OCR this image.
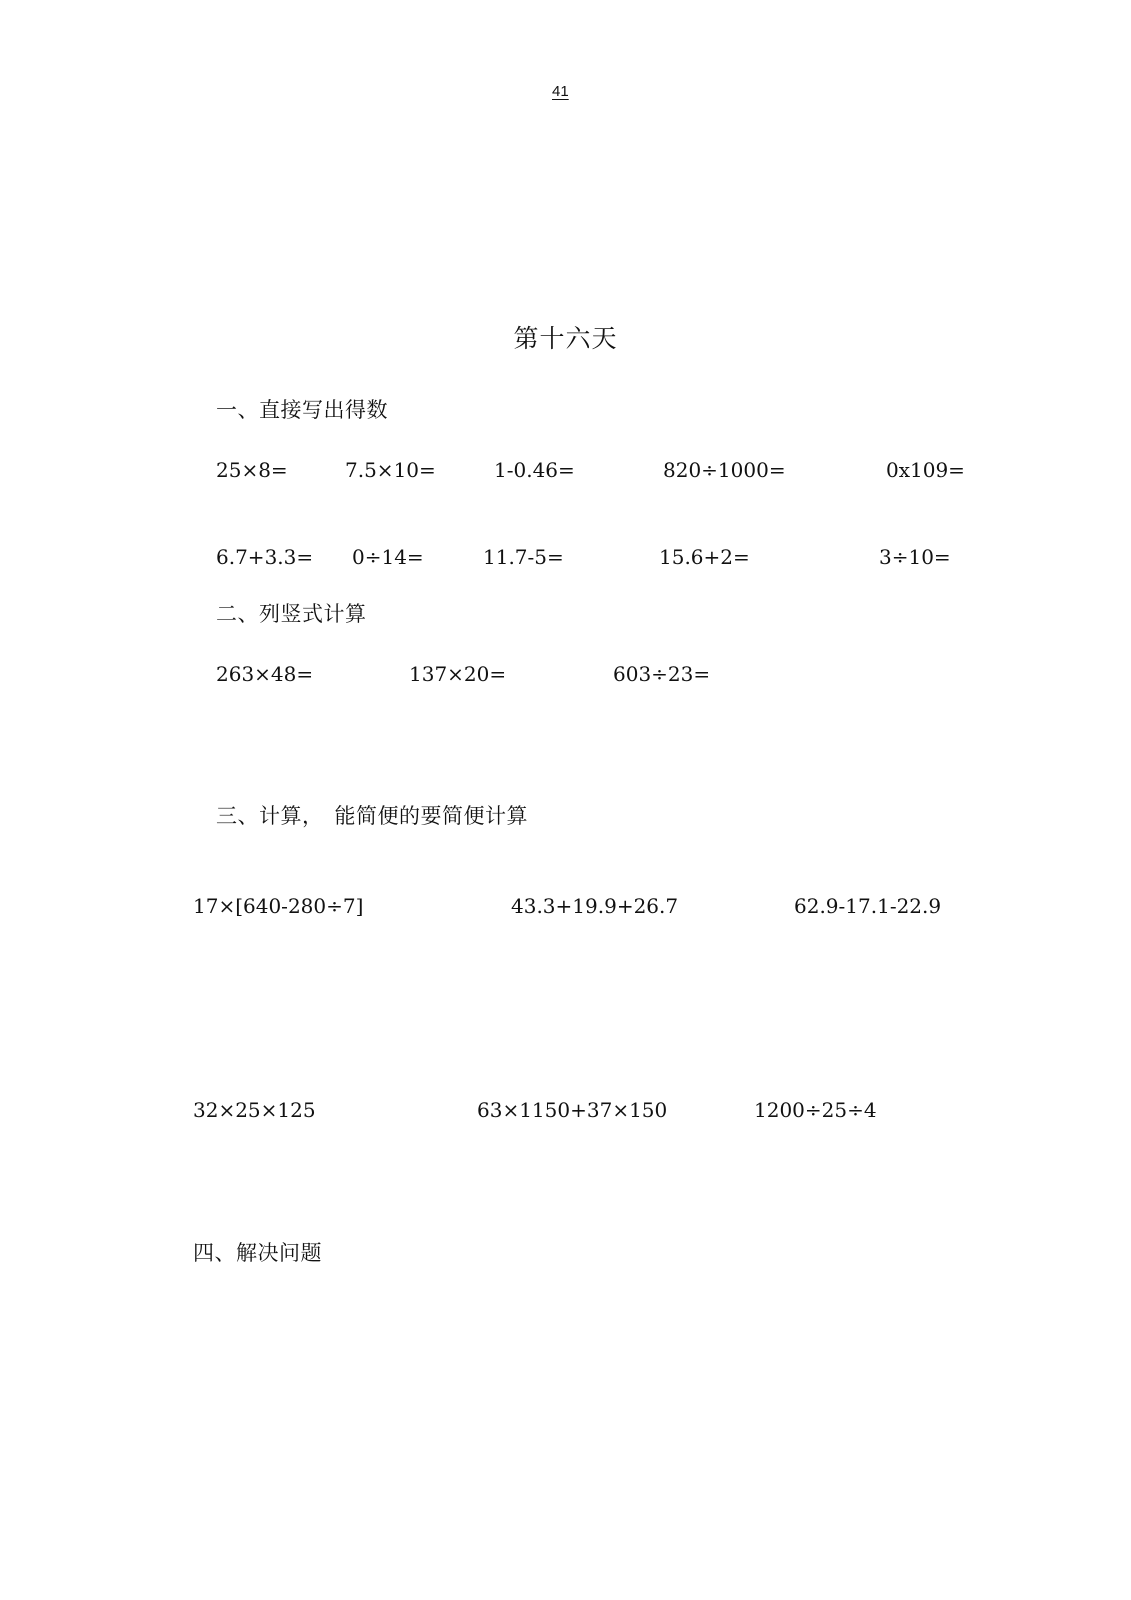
41
第十六天
一、直接写出得数
25×8=	7.5×10=	1-0.46=	820÷1000=	0x109=
6.7+3.3= 0÷14=	11.7-5=	15.6+2=	3÷10=
二、列竖式计算
263×48=	137×20=	603÷23=
三、计算，　能简便的要简便计算
17×[640-280÷7]	43.3+19.9+26.7	62.9-17.1-22.9
32×25×125	63×1150+37×150	1200÷25÷4
四、解决问题
